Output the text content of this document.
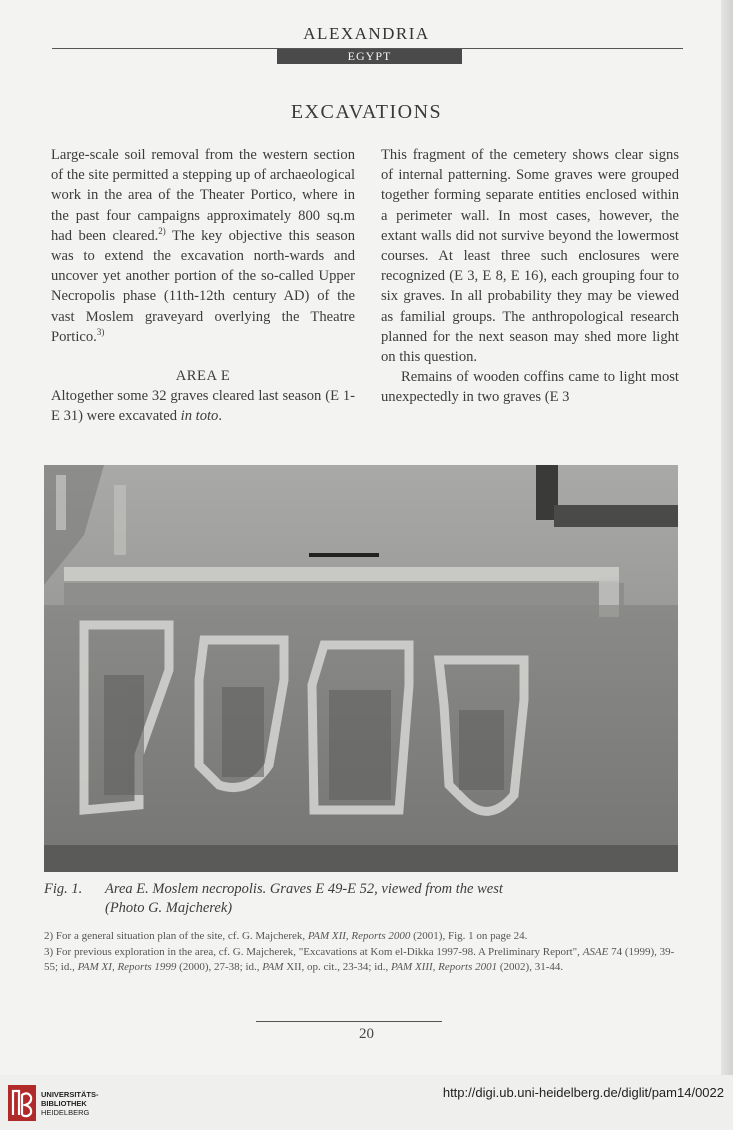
ALEXANDRIA
EGYPT
EXCAVATIONS

Large-scale soil removal from the western section of the site permitted a stepping up of archaeological work in the area of the Theater Portico, where in the past four campaigns approximately 800 sq.m had been cleared.$^{2)}$ The key objective this season was to extend the excavation north-wards and uncover yet another portion of the so-called Upper Necropolis phase (11th-12th century AD) of the vast Moslem graveyard overlying the Theatre Portico.$^{3)}$

AREA E

Altogether some 32 graves cleared last season (E 1-E 31) were excavated in toto.

This fragment of the cemetery shows clear signs of internal patterning. Some graves were grouped together forming separate entities enclosed within a perimeter wall. In most cases, however, the extant walls did not survive beyond the lowermost courses. At least three such enclosures were recognized (E 3, E 8, E 16), each grouping four to six graves. In all probability they may be viewed as familial groups. The anthropological research planned for the next season may shed more light on this question.

Remains of wooden coffins came to light most unexpectedly in two graves (E 3

Fig. 1. Area E. Moslem necropolis. Graves E 49-E 52, viewed from the west
(Photo G. Majcherek)

2) For a general situation plan of the site, cf. G. Majcherek, PAM XII, Reports 2000 (2001), Fig. 1 on page 24.

3) For previous exploration in the area, cf. G. Majcherek, "Excavations at Kom el-Dikka 1997-98. A Preliminary Report", ASAE 74 (1999), 39-55; id., PAM XI, Reports 1999 (2000), 27-38; id., PAM XII, op. cit., 23-34; id., PAM XIII, Reports 2001 (2002), 31-44.

20
UNIVERSITÄTS-
BIBLIOTHEK
HEIDELBERG
http://digi.ub.uni-heidelberg.de/diglit/pam14/0022
